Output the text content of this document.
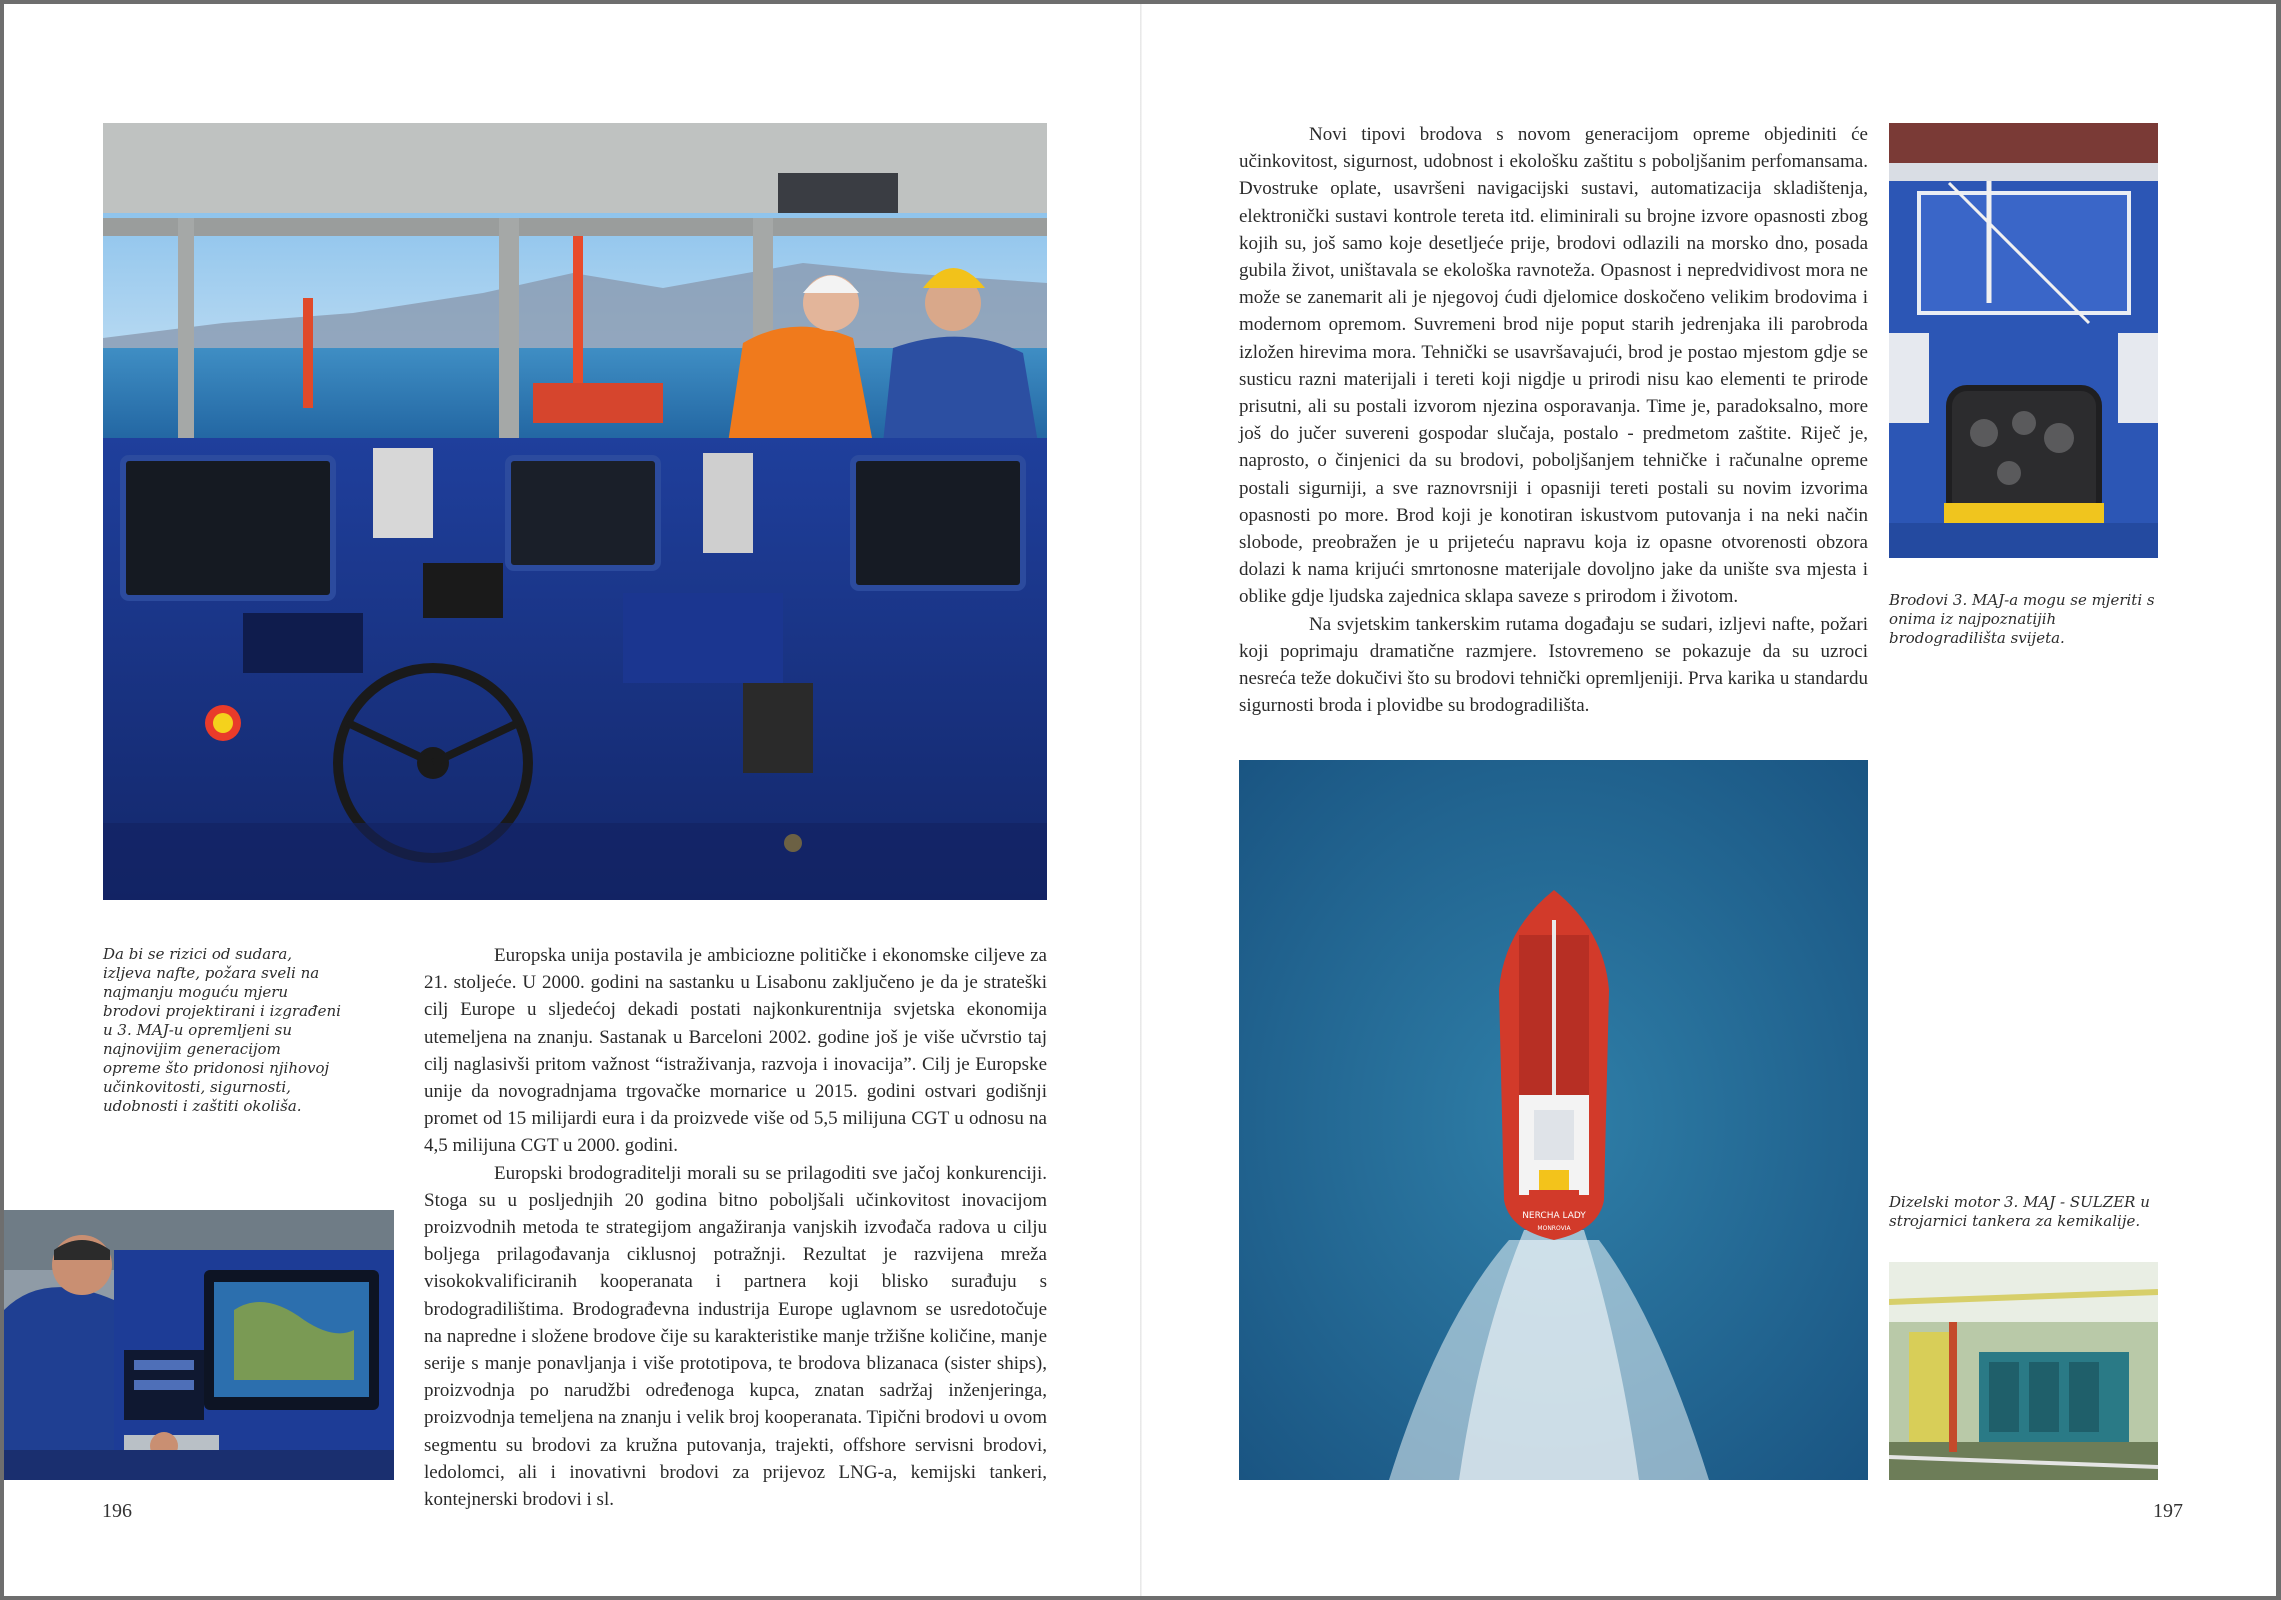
Da bi se rizici od sudara, izljeva nafte, požara sveli na najmanju moguću mjeru brodovi projektirani i izgrađeni u 3. MAJ-u opremljeni su najnovijim generacijom opreme što pridonosi njihovoj učinkovitosti, sigurnosti, udobnosti i zaštiti okoliša.

Europska unija postavila je ambiciozne političke i ekonomske ciljeve za 21. stoljeće. U 2000. godini na sastanku u Lisabonu zaključeno je da je strateški cilj Europe u sljedećoj dekadi postati najkonkurentnija svjetska ekonomija utemeljena na znanju. Sastanak u Barceloni 2002. godine još je više učvrstio taj cilj naglasivši pritom važnost “istraživanja, razvoja i inovacija”. Cilj je Europske unije da novogradnjama trgovačke mornarice u 2015. godini ostvari godišnji promet od 15 milijardi eura i da proizvede više od 5,5 milijuna CGT u odnosu na 4,5 milijuna CGT u 2000. godini.

Europski brodograditelji morali su se prilagoditi sve jačoj konkurenciji. Stoga su u posljednjih 20 godina bitno poboljšali učinkovitost inovacijom proizvodnih metoda te strategijom angažiranja vanjskih izvođača radova u cilju boljega prilagođavanja ciklusnoj potražnji. Rezultat je razvijena mreža visokokvalificiranih kooperanata i partnera koji blisko surađuju s brodogradilištima. Brodograđevna industrija Europe uglavnom se usredotočuje na napredne i složene brodove čije su karakteristike manje tržišne količine, manje serije s manje ponavljanja i više prototipova, te brodova blizanaca (sister ships), proizvodnja po narudžbi određenoga kupca, znatan sadržaj inženjeringa, proizvodnja temeljena na znanju i velik broj kooperanata. Tipični brodovi u ovom segmentu su brodovi za kružna putovanja, trajekti, offshore servisni brodovi, ledolomci, ali i inovativni brodovi za prijevoz LNG-a, kemijski tankeri, kontejnerski brodovi i sl.

196

Novi tipovi brodova s novom generacijom opreme objediniti će učinkovitost, sigurnost, udobnost i ekološku zaštitu s poboljšanim perfomansama. Dvostruke oplate, usavršeni navigacijski sustavi, automatizacija skladištenja, elektronički sustavi kontrole tereta itd. eliminirali su brojne izvore opasnosti zbog kojih su, još samo koje desetljeće prije, brodovi odlazili na morsko dno, posada gubila život, uništavala se ekološka ravnoteža. Opasnost i nepredvidivost mora ne može se zanemarit ali je njegovoj ćudi djelomice doskočeno velikim brodovima i modernom opremom. Suvremeni brod nije poput starih jedrenjaka ili parobroda izložen hirevima mora. Tehnički se usavršavajući, brod je postao mjestom gdje se susticu razni materijali i tereti koji nigdje u prirodi nisu kao elementi te prirode prisutni, ali su postali izvorom njezina osporavanja. Time je, paradoksalno, more još do jučer suvereni gospodar slučaja, postalo - predmetom zaštite. Riječ je, naprosto, o činjenici da su brodovi, poboljšanjem tehničke i računalne opreme postali sigurniji, a sve raznovrsniji i opasniji tereti postali su novim izvorima opasnosti po more. Brod koji je konotiran iskustvom putovanja i na neki način slobode, preobražen je u prijeteću napravu koja iz opasne otvorenosti obzora dolazi k nama krijući smrtonosne materijale dovoljno jake da unište sva mjesta i oblike gdje ljudska zajednica sklapa saveze s prirodom i životom.

Na svjetskim tankerskim rutama događaju se sudari, izljevi nafte, požari koji poprimaju dramatične razmjere. Istovremeno se pokazuje da su uzroci nesreća teže dokučivi što su brodovi tehnički opremljeniji. Prva karika u standardu sigurnosti broda i plovidbe su brodogradilišta.

Brodovi 3. MAJ-a mogu se mjeriti s onima iz najpoznatijih brodogradilišta svijeta.
NERCHA LADY
MONROVIA
Dizelski motor 3. MAJ - SULZER u strojarnici tankera za kemikalije.
197
